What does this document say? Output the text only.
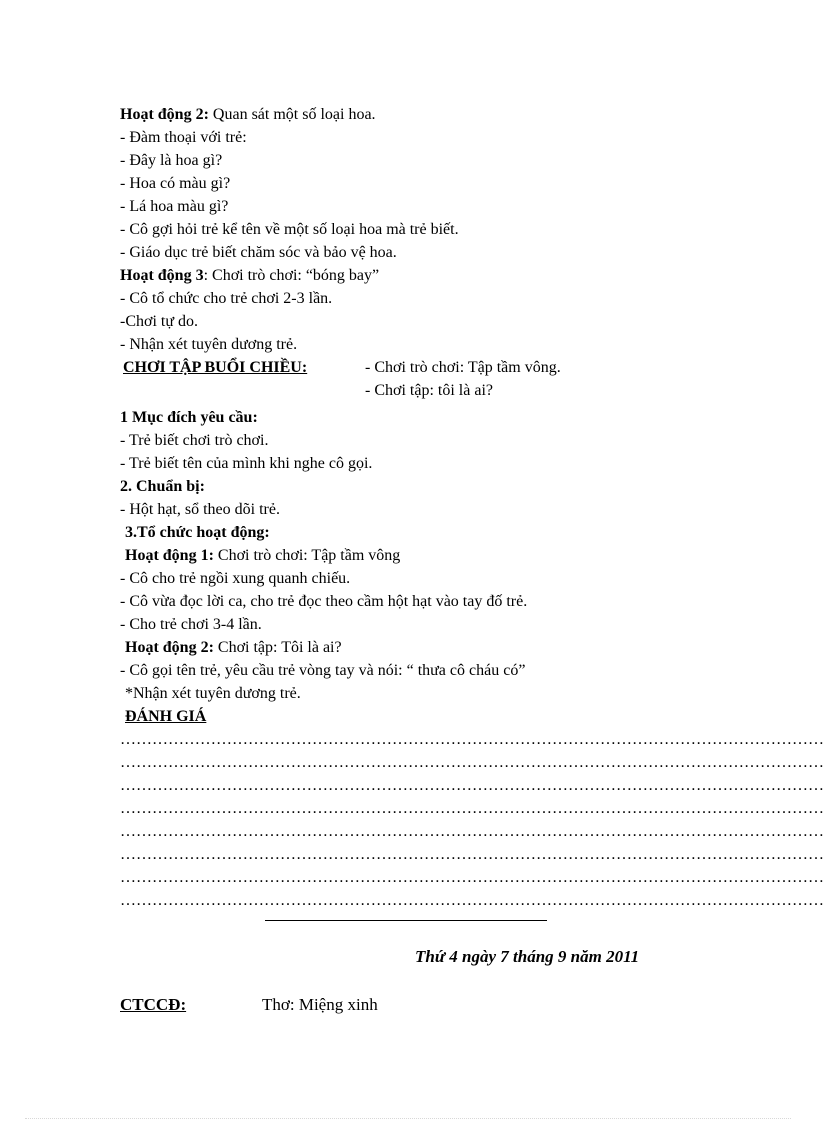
Hoạt động 2: Quan sát một số loại hoa.
- Đàm thoại với trẻ:
- Đây là hoa gì?
- Hoa có màu gì?
- Lá hoa màu gì?
- Cô gợi hỏi trẻ kể tên về một số loại hoa mà trẻ biết.
- Giáo dục trẻ biết chăm sóc và bảo vệ hoa.
Hoạt động 3: Chơi trò chơi: “bóng bay”
- Cô tổ chức cho trẻ chơi 2-3 lần.
-Chơi tự do.
- Nhận xét tuyên dương trẻ.
CHƠI TẬP BUỔI CHIỀU:	- Chơi trò chơi: Tập tầm vông.
- Chơi tập: tôi là ai?
1 Mục đích yêu cầu:
- Trẻ biết chơi trò chơi.
- Trẻ biết tên của mình khi nghe cô gọi.
2. Chuẩn bị:
- Hột hạt, sổ theo dõi trẻ.
3.Tổ chức hoạt động:
Hoạt động 1: Chơi trò chơi: Tập tầm vông
- Cô cho trẻ ngồi xung quanh chiếu.
- Cô vừa đọc lời ca, cho trẻ đọc theo cầm hột hạt vào tay đố trẻ.
- Cho trẻ chơi 3-4 lần.
Hoạt động 2: Chơi tập: Tôi là ai?
- Cô gọi tên trẻ, yêu cầu trẻ vòng tay và nói: “ thưa cô cháu có”
*Nhận xét tuyên dương trẻ.
ĐÁNH GIÁ
……………………………………………………………………………………………………………………
……………………………………………………………………………………………………………………
……………………………………………………………………………………………………………………
……………………………………………………………………………………………………………………
……………………………………………………………………………………………………………………
……………………………………………………………………………………………………………………
……………………………………………………………………………………………………………………
……………………………………………………………………………………………………………………
Thứ 4 ngày 7 tháng 9 năm 2011
CTCCĐ:	Thơ: Miệng xinh
